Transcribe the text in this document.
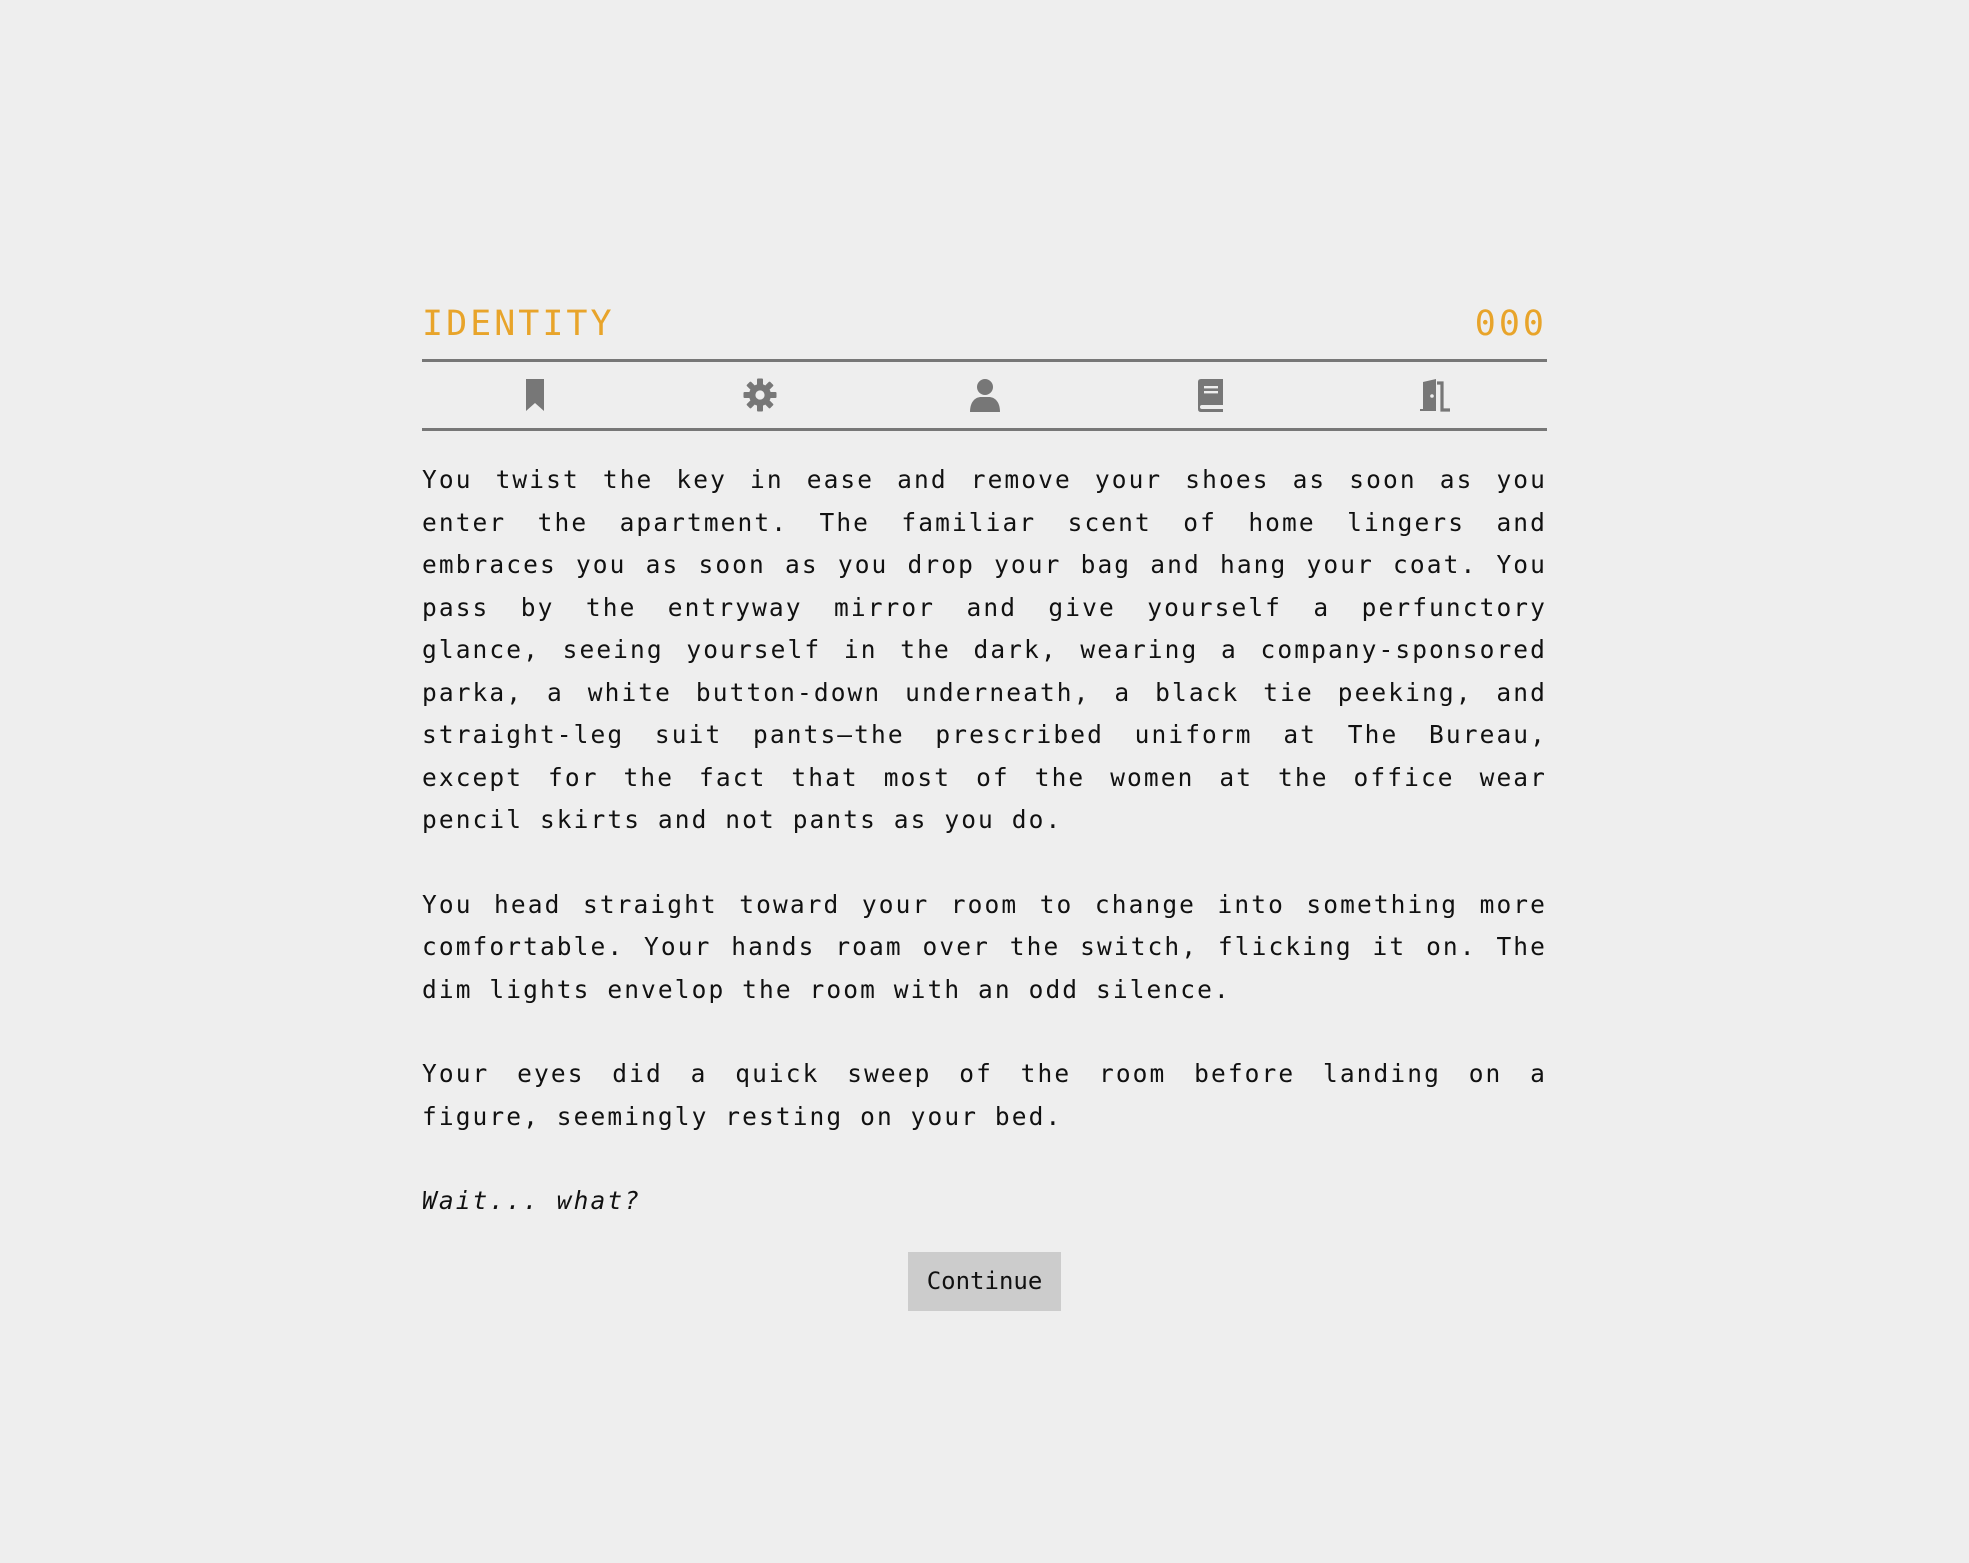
IDENTITY	000

You twist the key in ease and remove your shoes as soon as you enter the apartment. The familiar scent of home lingers and embraces you as soon as you drop your bag and hang your coat. You pass by the entryway mirror and give yourself a perfunctory glance, seeing yourself in the dark, wearing a company-sponsored parka, a white button-down underneath, a black tie peeking, and straight-leg suit pants—the prescribed uniform at The Bureau, except for the fact that most of the women at the office wear pencil skirts and not pants as you do.

You head straight toward your room to change into something more comfortable. Your hands roam over the switch, flicking it on. The dim lights envelop the room with an odd silence.

Your eyes did a quick sweep of the room before landing on a figure, seemingly resting on your bed.

Wait... what?

Continue
